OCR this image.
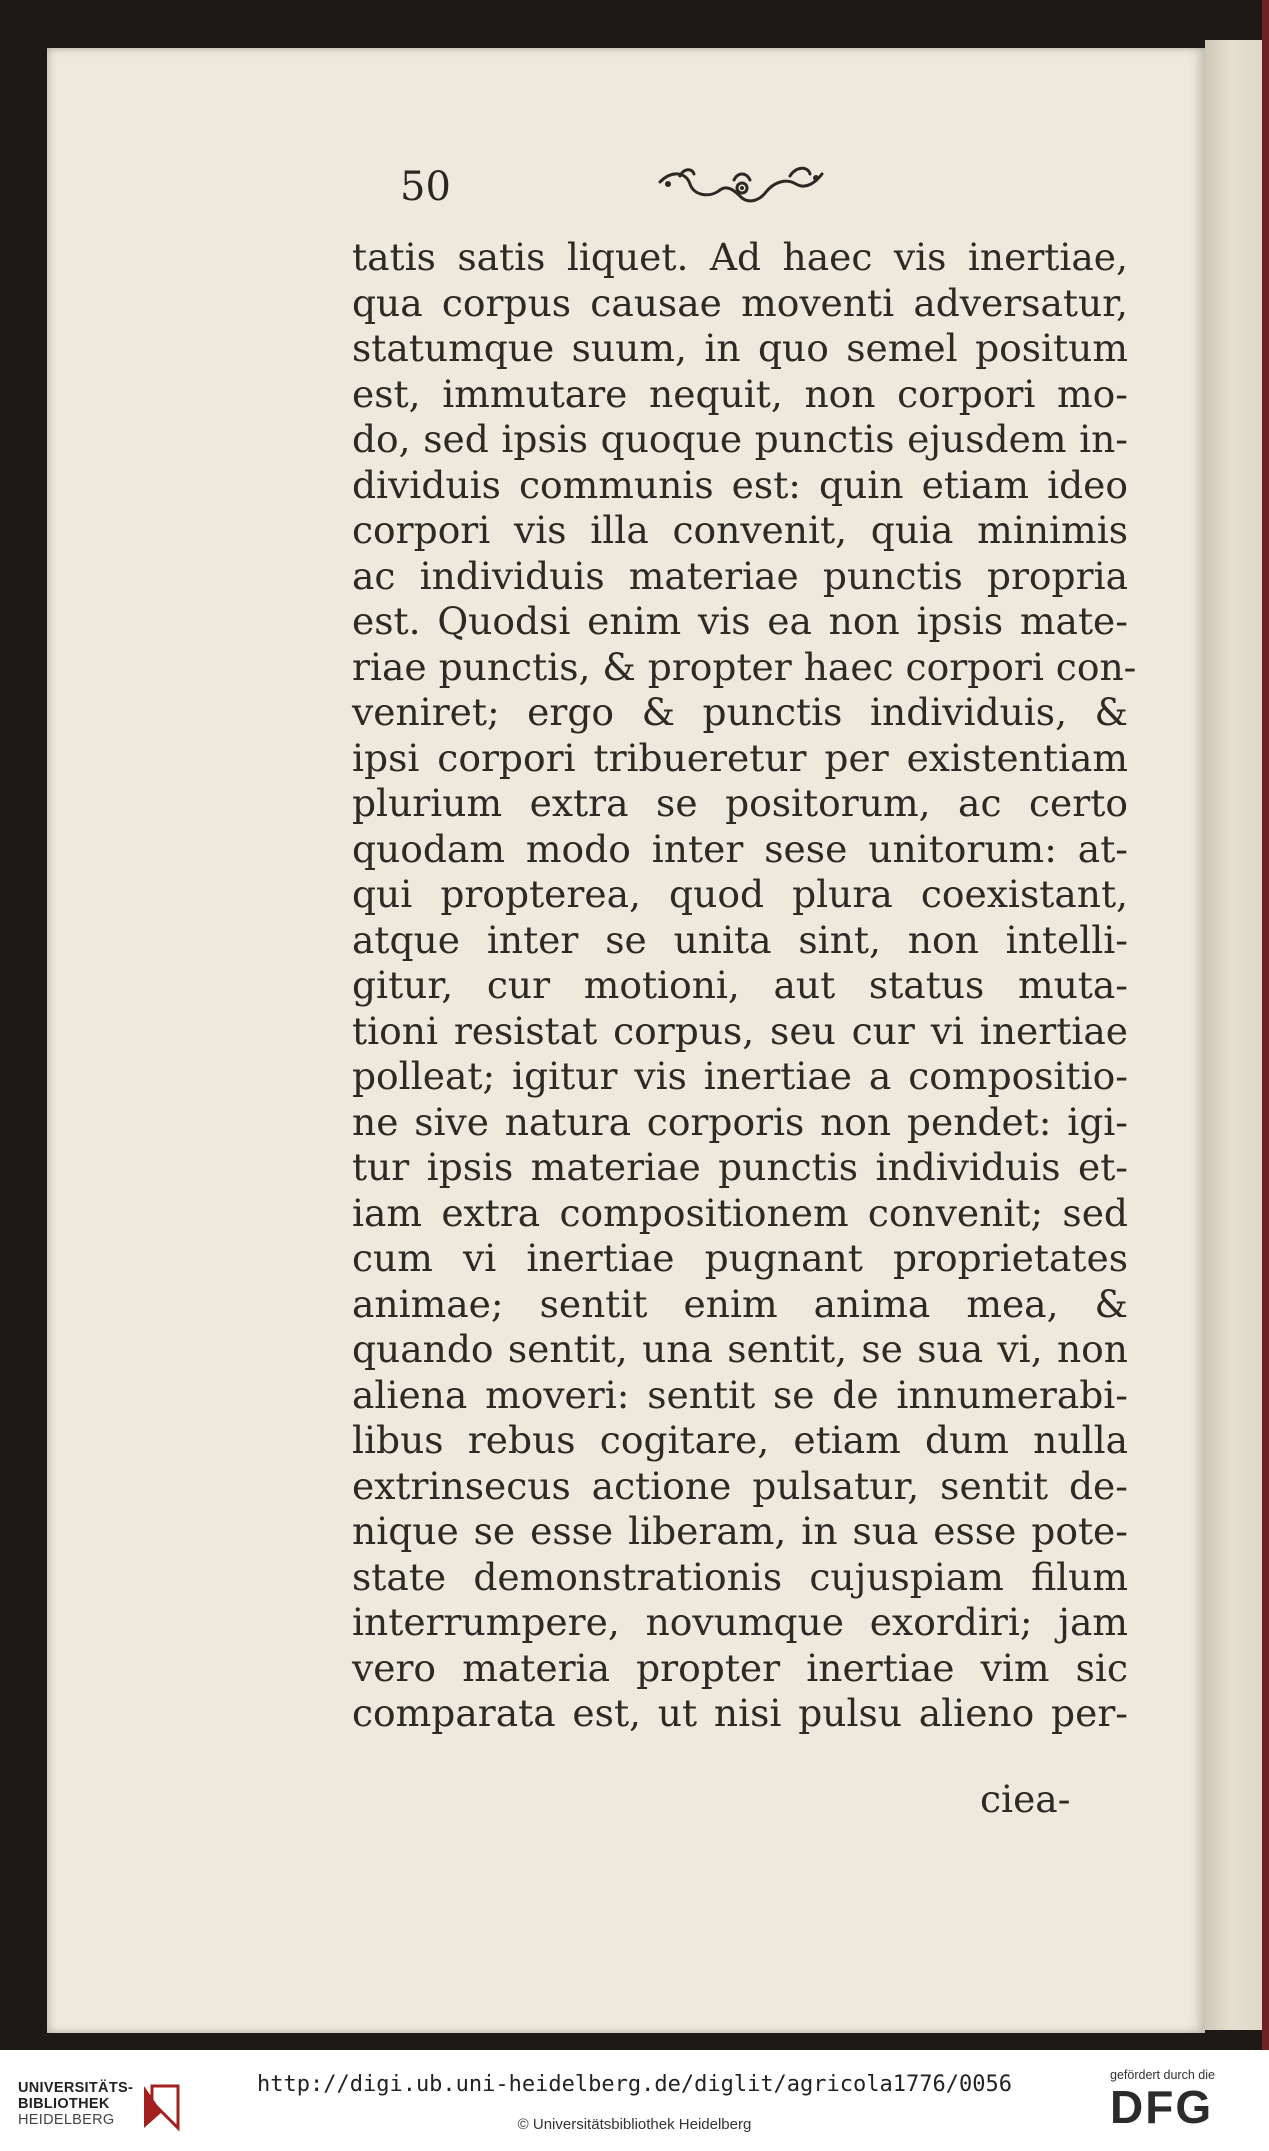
50
tatis satis liquet. Ad haec vis inertiae,
qua corpus causae moventi adversatur,
statumque suum, in quo semel positum
est, immutare nequit, non corpori mo-
do, sed ipsis quoque punctis ejusdem in-
dividuis communis est: quin etiam ideo
corpori vis illa convenit, quia minimis
ac individuis materiae punctis propria
est. Quodsi enim vis ea non ipsis mate-
riae punctis, & propter haec corpori con-
veniret; ergo & punctis individuis, &
ipsi corpori tribueretur per existentiam
plurium extra se positorum, ac certo
quodam modo inter sese unitorum: at-
qui propterea, quod plura coexistant,
atque inter se unita sint, non intelli-
gitur, cur motioni, aut status muta-
tioni resistat corpus, seu cur vi inertiae
polleat; igitur vis inertiae a compositio-
ne sive natura corporis non pendet: igi-
tur ipsis materiae punctis individuis et-
iam extra compositionem convenit; sed
cum vi inertiae pugnant proprietates
animae; sentit enim anima mea, &
quando sentit, una sentit, se sua vi, non
aliena moveri: sentit se de innumerabi-
libus rebus cogitare, etiam dum nulla
extrinsecus actione pulsatur, sentit de-
nique se esse liberam, in sua esse pote-
state demonstrationis cujuspiam filum
interrumpere, novumque exordiri; jam
vero materia propter inertiae vim sic
comparata est, ut nisi pulsu alieno per-
ciea-
UNIVERSITÄTS-
BIBLIOTHEK
HEIDELBERG
http://digi.ub.uni-heidelberg.de/diglit/agricola1776/0056
© Universitätsbibliothek Heidelberg
gefördert durch die
DFG
